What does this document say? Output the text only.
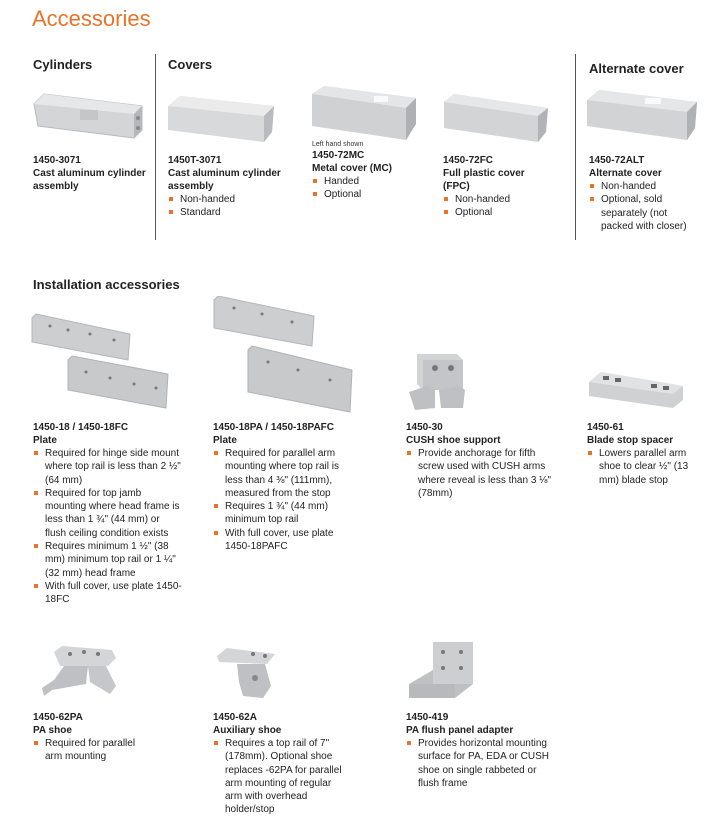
Accessories
Cylinders	Covers	Alternate cover
Installation accessories
1450-3071
Cast aluminum cylinder assembly
1450T-3071
Cast aluminum cylinder assembly
Non-handed
Standard
Left hand shown
1450-72MC
Metal cover (MC)
Handed
Optional
1450-72FC
Full plastic cover (FPC)
Non-handed
Optional
1450-72ALT
Alternate cover
Non-handed
Optional, sold separately (not packed with closer)
1450-18 / 1450-18FC
Plate
Required for hinge side mount where top rail is less than 2 ½" (64 mm)
Required for top jamb mounting where head frame is less than 1 ¾" (44 mm) or flush ceiling condition exists
Requires minimum 1 ½" (38 mm) minimum top rail or 1 ¼" (32 mm) head frame
With full cover, use plate 1450-18FC
1450-18PA / 1450-18PAFC
Plate
Required for parallel arm mounting where top rail is less than 4 ⅜" (111mm), measured from the stop
Requires 1 ¾" (44 mm) minimum top rail
With full cover, use plate 1450-18PAFC
1450-30
CUSH shoe support
Provide anchorage for fifth screw used with CUSH arms where reveal is less than 3 ⅛" (78mm)
1450-61
Blade stop spacer
Lowers parallel arm shoe to clear ½" (13 mm) blade stop
1450-62PA
PA shoe
Required for parallel arm mounting
1450-62A
Auxiliary shoe
Requires a top rail of 7" (178mm). Optional shoe replaces -62PA for parallel arm mounting of regular arm with overhead holder/stop
1450-419
PA flush panel adapter
Provides horizontal mounting surface for PA, EDA or CUSH shoe on single rabbeted or flush frame
